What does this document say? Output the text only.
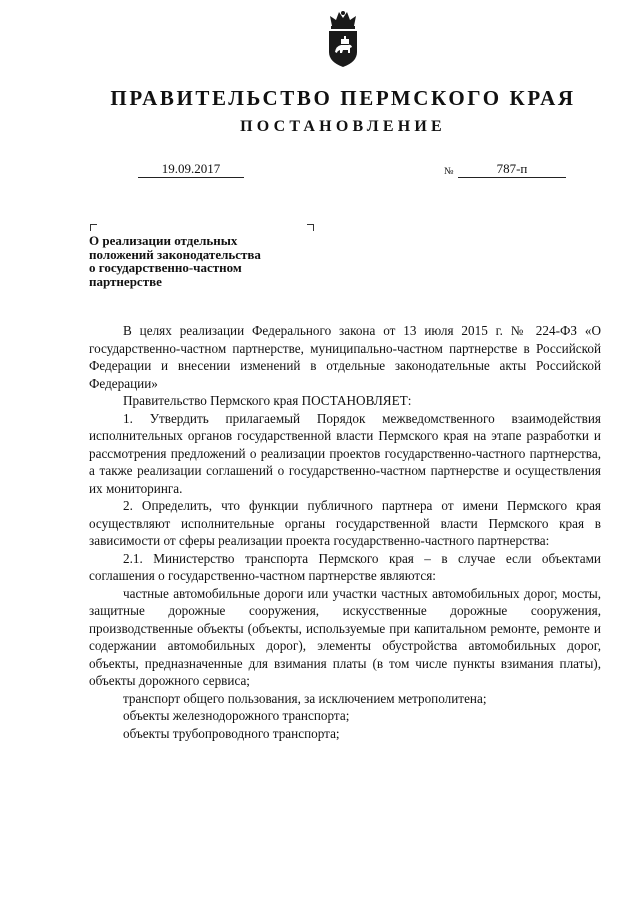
ПРАВИТЕЛЬСТВО ПЕРМСКОГО КРАЯ
ПОСТАНОВЛЕНИЕ
19.09.2017	№	787-п
О реализации отдельных
положений законодательства
о государственно-частном
партнерстве

В целях реализации Федерального закона от 13 июля 2015 г. № 224-ФЗ «О государственно-частном партнерстве, муниципально-частном партнерстве в Российской Федерации и внесении изменений в отдельные законодательные акты Российской Федерации»

Правительство Пермского края ПОСТАНОВЛЯЕТ:

1. Утвердить прилагаемый Порядок межведомственного взаимодействия исполнительных органов государственной власти Пермского края на этапе разработки и рассмотрения предложений о реализации проектов государственно-частного партнерства, а также реализации соглашений о государственно-частном партнерстве и осуществления их мониторинга.

2. Определить, что функции публичного партнера от имени Пермского края осуществляют исполнительные органы государственной власти Пермского края в зависимости от сферы реализации проекта государственно-частного партнерства:

2.1. Министерство транспорта Пермского края – в случае если объектами соглашения о государственно-частном партнерстве являются:

частные автомобильные дороги или участки частных автомобильных дорог, мосты, защитные дорожные сооружения, искусственные дорожные сооружения, производственные объекты (объекты, используемые при капитальном ремонте, ремонте и содержании автомобильных дорог), элементы обустройства автомобильных дорог, объекты, предназначенные для взимания платы (в том числе пункты взимания платы), объекты дорожного сервиса;

транспорт общего пользования, за исключением метрополитена;

объекты железнодорожного транспорта;

объекты трубопроводного транспорта;
